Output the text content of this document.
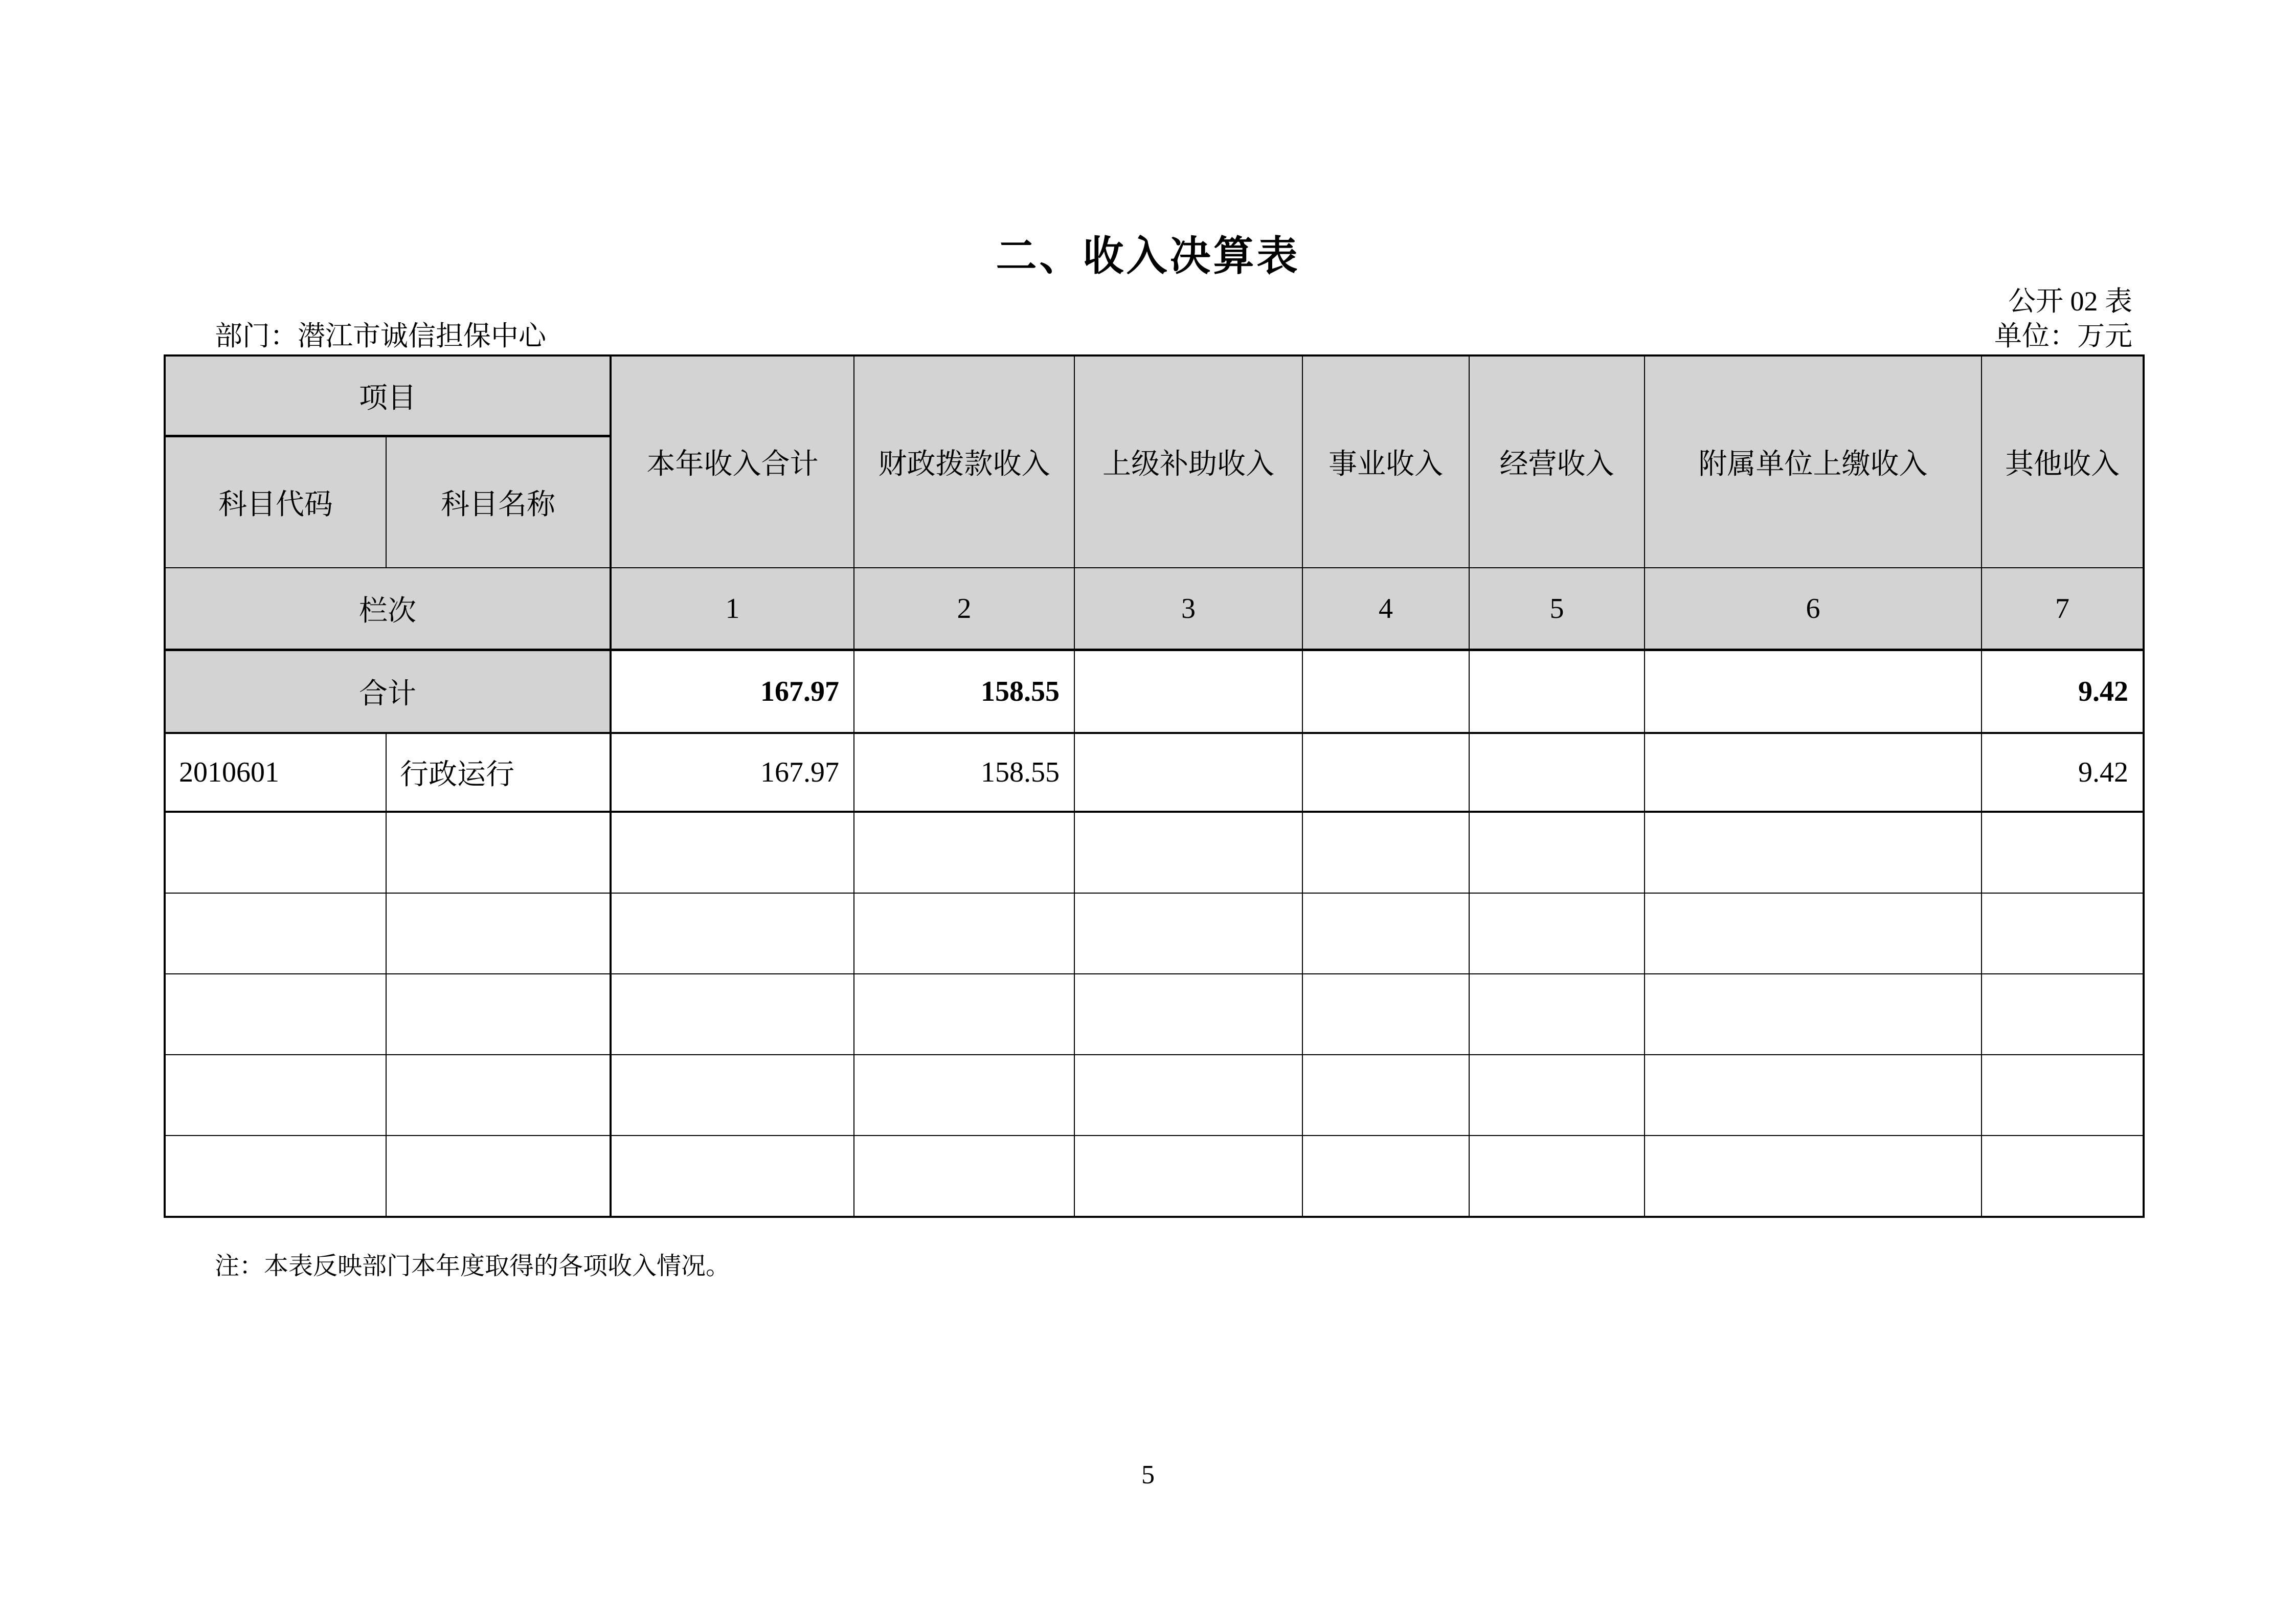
二、收入决算表
公开 02 表
部门：潜江市诚信担保中心	单位：万元
项目		本年收入合计	财政拨款收入	上级补助收入	事业收入	经营收入	附属单位上缴收入	其他收入
科目代码	科目名称							
栏次		1	2	3	4	5	6	7
合计		167.97	158.55					9.42
2010601	行政运行	167.97	158.55					9.42

注：本表反映部门本年度取得的各项收入情况。
5
